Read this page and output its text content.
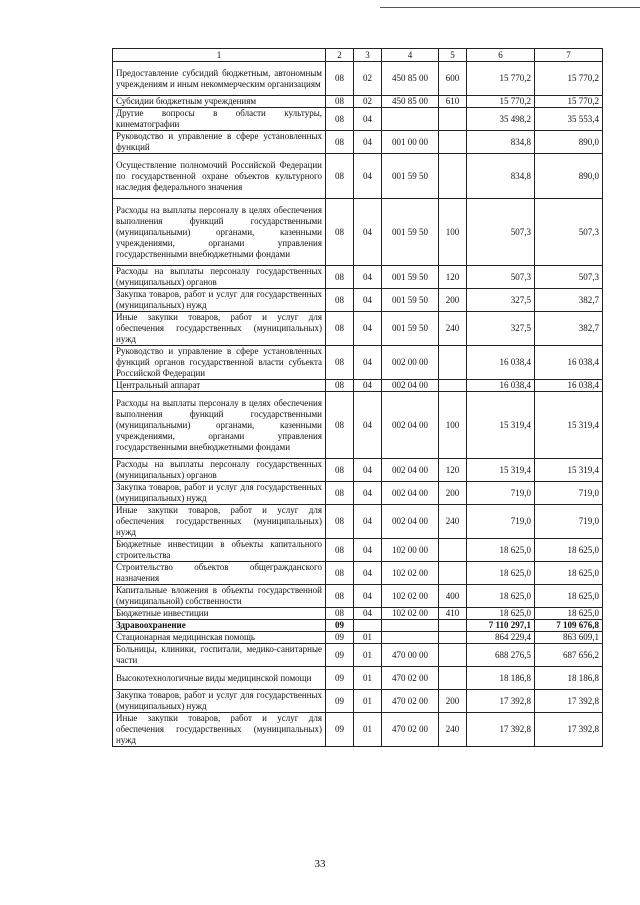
1	2	3	4	5	6	7
Предоставление субсидий бюджетным, автономным учреждениям и иным некоммерческим организациям	08	02	450 85 00	600	15 770,2	15 770,2
Субсидии бюджетным учреждениям	08	02	450 85 00	610	15 770,2	15 770,2
Другие вопросы в области культуры, кинематографии	08	04			35 498,2	35 553,4
Руководство и управление в сфере установленных функций	08	04	001 00 00		834,8	890,0
Осуществление полномочий Российской Федерации по государственной охране объектов культурного наследия федерального значения	08	04	001 59 50		834,8	890,0
Расходы на выплаты персоналу в целях обеспечения выполнения функций государственными (муниципальными) органами, казенными учреждениями, органами управления государственными внебюджетными фондами	08	04	001 59 50	100	507,3	507,3
Расходы на выплаты персоналу государственных (муниципальных) органов	08	04	001 59 50	120	507,3	507,3
Закупка товаров, работ и услуг для государственных (муниципальных) нужд	08	04	001 59 50	200	327,5	382,7
Иные закупки товаров, работ и услуг для обеспечения государственных (муниципальных) нужд	08	04	001 59 50	240	327,5	382,7
Руководство и управление в сфере установленных функций органов государственной власти субъекта Российской Федерации	08	04	002 00 00		16 038,4	16 038,4
Центральный аппарат	08	04	002 04 00		16 038,4	16 038,4
Расходы на выплаты персоналу в целях обеспечения выполнения функций государственными (муниципальными) органами, казенными учреждениями, органами управления государственными внебюджетными фондами	08	04	002 04 00	100	15 319,4	15 319,4
Расходы на выплаты персоналу государственных (муниципальных) органов	08	04	002 04 00	120	15 319,4	15 319,4
Закупка товаров, работ и услуг для государственных (муниципальных) нужд	08	04	002 04 00	200	719,0	719,0
Иные закупки товаров, работ и услуг для обеспечения государственных (муниципальных) нужд	08	04	002 04 00	240	719,0	719,0
Бюджетные инвестиции в объекты капитального строительства	08	04	102 00 00		18 625,0	18 625,0
Строительство объектов общегражданского назначения	08	04	102 02 00		18 625,0	18 625,0
Капитальные вложения в объекты государственной (муниципальной) собственности	08	04	102 02 00	400	18 625,0	18 625,0
Бюджетные инвестиции	08	04	102 02 00	410	18 625,0	18 625,0
Здравоохранение	09				7 110 297,1	7 109 676,8
Стационарная медицинская помощь	09	01			864 229,4	863 609,1
Больницы, клиники, госпитали, медико-санитарные части	09	01	470 00 00		688 276,5	687 656,2
Высокотехнологичные виды медицинской помощи	09	01	470 02 00		18 186,8	18 186,8
Закупка товаров, работ и услуг для государственных (муниципальных) нужд	09	01	470 02 00	200	17 392,8	17 392,8
Иные закупки товаров, работ и услуг для обеспечения государственных (муниципальных) нужд	09	01	470 02 00	240	17 392,8	17 392,8
33
